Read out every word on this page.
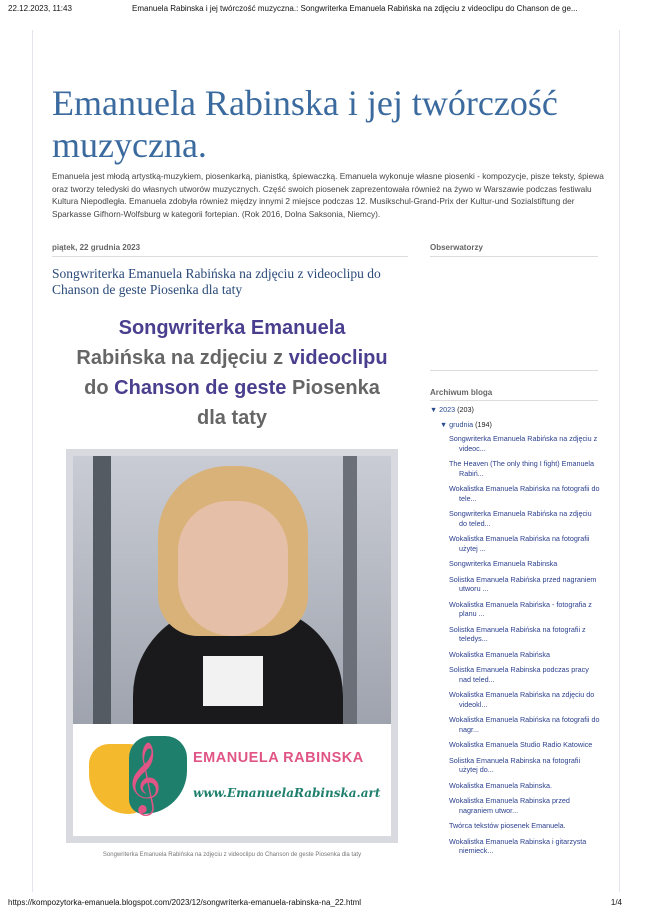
22.12.2023, 11:43	Emanuela Rabinska i jej twórczość muzyczna.: Songwriterka Emanuela Rabińska na zdjęciu z videoclipu do Chanson de ge...
Emanuela Rabinska i jej twórczość muzyczna.
Emanuela jest młodą artystką-muzykiem, piosenkarką, pianistką, śpiewaczką. Emanuela wykonuje własne piosenki - kompozycje, pisze teksty, śpiewa oraz tworzy teledyski do własnych utworów muzycznych. Część swoich piosenek zaprezentowała również na żywo w Warszawie podczas festiwalu Kultura Niepodległa. Emanuela zdobyła również między innymi 2 miejsce podczas 12. Musikschul-Grand-Prix der Kultur-und Sozialstiftung der Sparkasse Gifhorn-Wolfsburg w kategorii fortepian. (Rok 2016, Dolna Saksonia, Niemcy).
piątek, 22 grudnia 2023
Songwriterka Emanuela Rabińska na zdjęciu z videoclipu do Chanson de geste Piosenka dla taty
Songwriterka Emanuela
Rabińska na zdjęciu z videoclipu
do Chanson de geste Piosenka
dla taty
𝄞 EMANUELA RABINSKA
www.EmanuelaRabinska.art
Songwriterka Emanuela Rabińska na zdjęciu z videoclipu do Chanson de geste Piosenka dla taty
Obserwatorzy
Archiwum bloga
▼ 2023 (203)
▼ grudnia (194)
Songwriterka Emanuela Rabińska na zdjęciu z videoc...
The Heaven (The only thing I fight) Emanuela Rabiń...
Wokalistka Emanuela Rabińska na fotografii do tele...
Songwriterka Emanuela Rabińska na zdjęciu do teled...
Wokalistka Emanuela Rabińska na fotografii użytej ...
Songwriterka Emanuela Rabinska
Solistka Emanuela Rabińska przed nagraniem utworu ...
Wokalistka Emanuela Rabińska - fotografia z planu ...
Solistka Emanuela Rabińska na fotografii z teledys...
Wokalistka Emanuela Rabińska
Solistka Emanuela Rabinska podczas pracy nad teled...
Wokalistka Emanuela Rabińska na zdjęciu do videokl...
Wokalistka Emanuela Rabińska na fotografii do nagr...
Wokalistka Emanuela Studio Radio Katowice
Solistka Emanuela Rabinska na fotografii użytej do...
Wokalistka Emanuela Rabinska.
Wokalistka Emanuela Rabinska przed nagraniem utwor...
Twórca tekstów piosenek Emanuela.
Wokalistka Emanuela Rabinska i gitarzysta niemieck...
https://kompozytorka-emanuela.blogspot.com/2023/12/songwriterka-emanuela-rabinska-na_22.html	1/4
